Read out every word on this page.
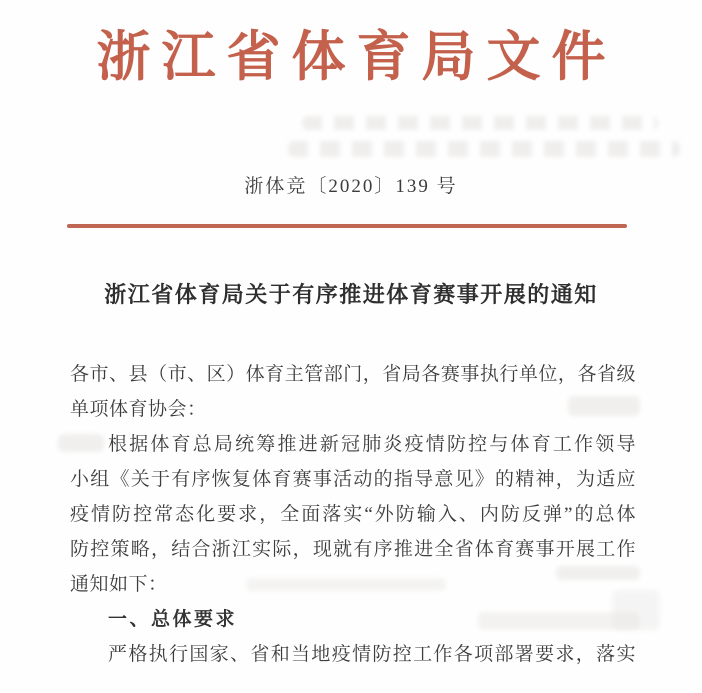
浙江省体育局文件
浙体竞〔2020〕139 号
浙江省体育局关于有序推进体育赛事开展的通知
各市、县（市、区）体育主管部门，省局各赛事执行单位，各省级
单项体育协会：
根据体育总局统筹推进新冠肺炎疫情防控与体育工作领导
小组《关于有序恢复体育赛事活动的指导意见》的精神，为适应
疫情防控常态化要求，全面落实“外防输入、内防反弹”的总体
防控策略，结合浙江实际，现就有序推进全省体育赛事开展工作
通知如下：
一、总体要求
严格执行国家、省和当地疫情防控工作各项部署要求，落实
